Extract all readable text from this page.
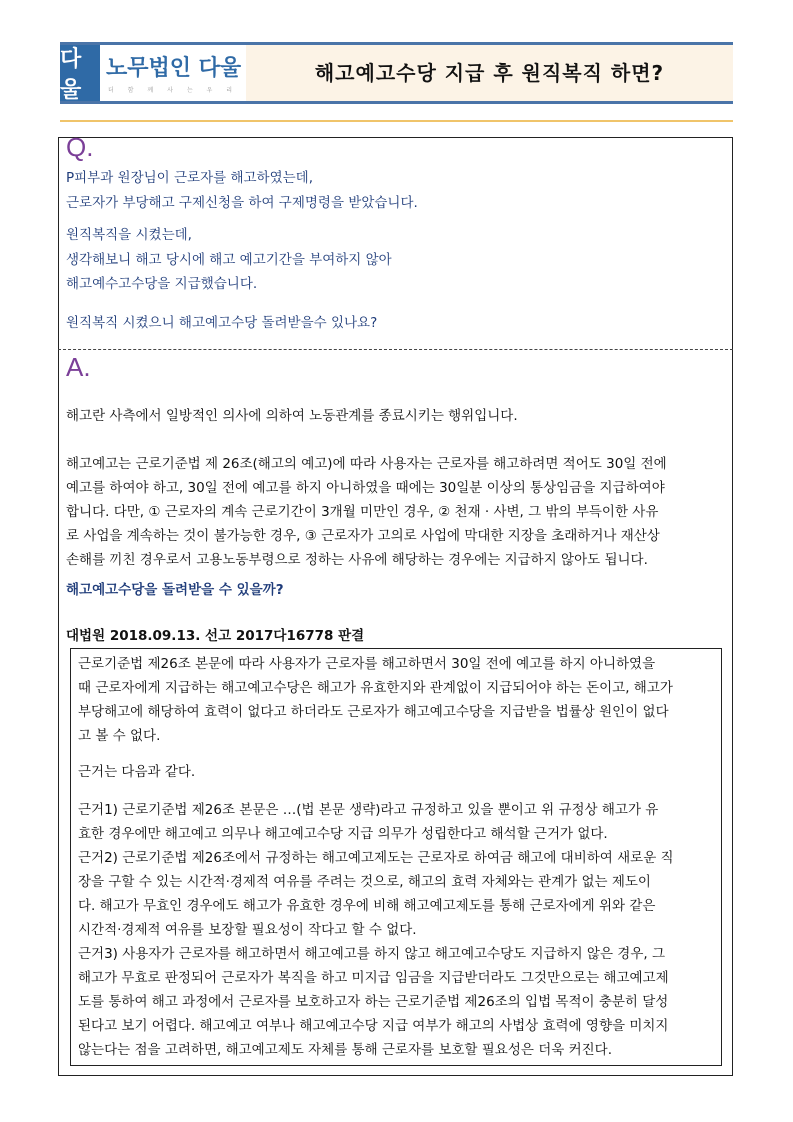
다울
노무법인 다울
더 함 께 사 는 우 리
해고예고수당 지급 후 원직복직 하면?
Q.
P피부과 원장님이 근로자를 해고하였는데,
근로자가 부당해고 구제신청을 하여 구제명령을 받았습니다.
원직복직을 시켰는데,
생각해보니 해고 당시에 해고 예고기간을 부여하지 않아
해고예수고수당을 지급했습니다.
원직복직 시켰으니 해고예고수당 돌려받을수 있나요?
A.
해고란 사측에서 일방적인 의사에 의하여 노동관계를 종료시키는 행위입니다.
해고예고는 근로기준법 제 26조(해고의 예고)에 따라 사용자는 근로자를 해고하려면 적어도 30일 전에
예고를 하여야 하고, 30일 전에 예고를 하지 아니하였을 때에는 30일분 이상의 통상임금을 지급하여야
합니다. 다만, ① 근로자의 계속 근로기간이 3개월 미만인 경우, ② 천재 · 사변, 그 밖의 부득이한 사유
로 사업을 계속하는 것이 불가능한 경우, ③ 근로자가 고의로 사업에 막대한 지장을 초래하거나 재산상
손해를 끼친 경우로서 고용노동부령으로 정하는 사유에 해당하는 경우에는 지급하지 않아도 됩니다.
해고예고수당을 돌려받을 수 있을까?
대법원 2018.09.13. 선고 2017다16778 판결
근로기준법 제26조 본문에 따라 사용자가 근로자를 해고하면서 30일 전에 예고를 하지 아니하였을
때 근로자에게 지급하는 해고예고수당은 해고가 유효한지와 관계없이 지급되어야 하는 돈이고, 해고가
부당해고에 해당하여 효력이 없다고 하더라도 근로자가 해고예고수당을 지급받을 법률상 원인이 없다
고 볼 수 없다.
근거는 다음과 같다.
근거1) 근로기준법 제26조 본문은 …(법 본문 생략)라고 규정하고 있을 뿐이고 위 규정상 해고가 유
효한 경우에만 해고예고 의무나 해고예고수당 지급 의무가 성립한다고 해석할 근거가 없다.
근거2) 근로기준법 제26조에서 규정하는 해고예고제도는 근로자로 하여금 해고에 대비하여 새로운 직
장을 구할 수 있는 시간적·경제적 여유를 주려는 것으로, 해고의 효력 자체와는 관계가 없는 제도이
다. 해고가 무효인 경우에도 해고가 유효한 경우에 비해 해고예고제도를 통해 근로자에게 위와 같은
시간적·경제적 여유를 보장할 필요성이 작다고 할 수 없다.
근거3) 사용자가 근로자를 해고하면서 해고예고를 하지 않고 해고예고수당도 지급하지 않은 경우, 그
해고가 무효로 판정되어 근로자가 복직을 하고 미지급 임금을 지급받더라도 그것만으로는 해고예고제
도를 통하여 해고 과정에서 근로자를 보호하고자 하는 근로기준법 제26조의 입법 목적이 충분히 달성
된다고 보기 어렵다. 해고예고 여부나 해고예고수당 지급 여부가 해고의 사법상 효력에 영향을 미치지
않는다는 점을 고려하면, 해고예고제도 자체를 통해 근로자를 보호할 필요성은 더욱 커진다.
